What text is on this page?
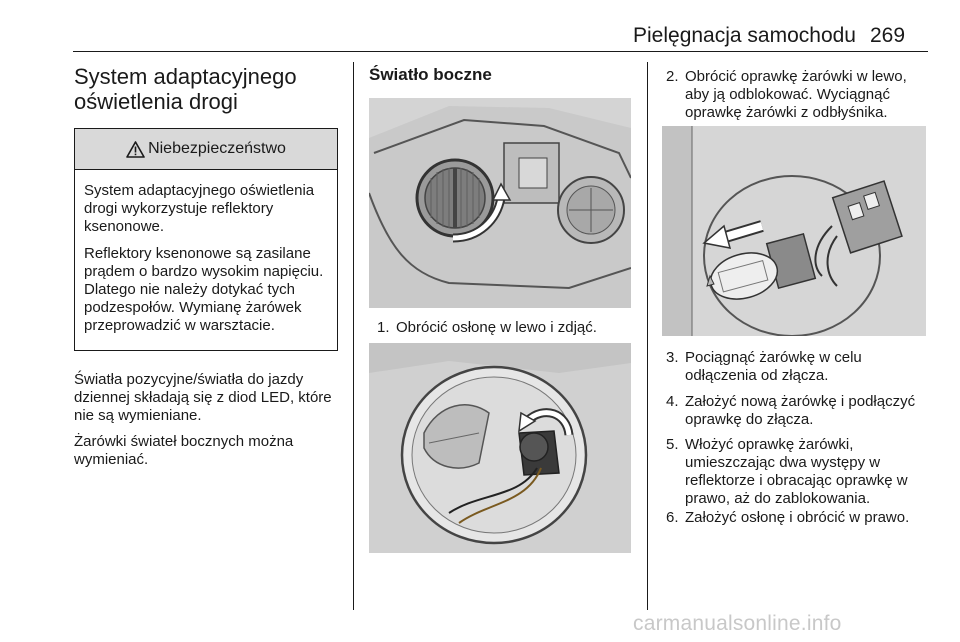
Pielęgnacja samochodu 269
System adaptacyjnego
oświetlenia drogi
Niebezpieczeństwo

System adaptacyjnego oświetlenia drogi wykorzystuje reflektory ksenonowe.

Reflektory ksenonowe są zasilane prądem o bardzo wysokim napięciu. Dlatego nie należy dotykać tych podzespołów. Wymianę żarówek przeprowadzić w warsztacie.

Światła pozycyjne/światła do jazdy dziennej składają się z diod LED, które nie są wymieniane.

Żarówki świateł bocznych można wymieniać.

Światło boczne
1. Obrócić osłonę w lewo i zdjąć.
2. Obrócić oprawkę żarówki w lewo, aby ją odblokować. Wyciągnąć oprawkę żarówki z odbłyśnika.
3. Pociągnąć żarówkę w celu odłączenia od złącza.
4. Założyć nową żarówkę i podłączyć oprawkę do złącza.
5. Włożyć oprawkę żarówki, umieszczając dwa występy w reflektorze i obracając oprawkę w prawo, aż do zablokowania.
6. Założyć osłonę i obrócić w prawo.
carmanualsonline.info
